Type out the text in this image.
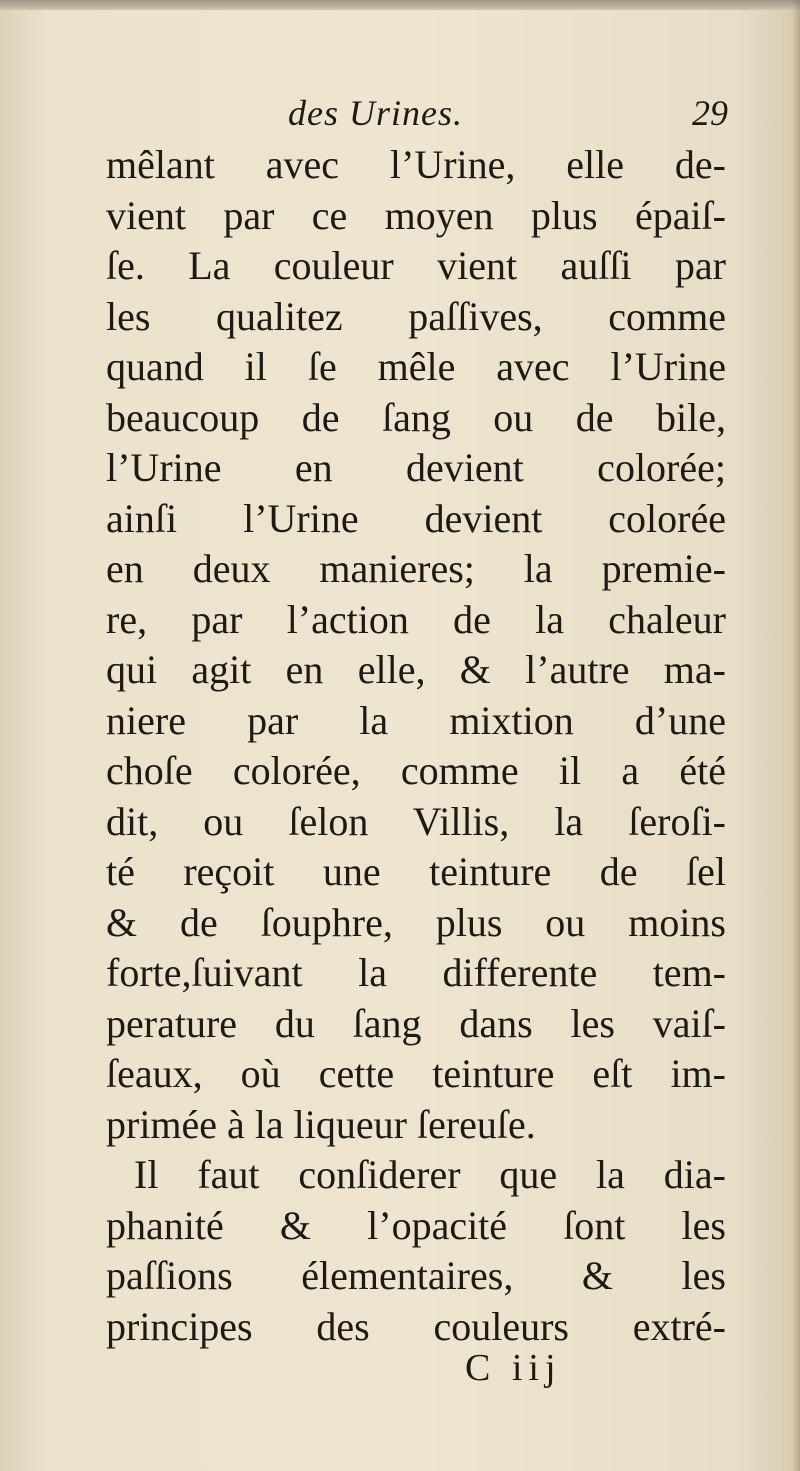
des Urines.	29
mêlant avec l’Urine, elle de-
vient par ce moyen plus épaiſ-
ſe. La couleur vient auſſi par
les qualitez paſſives, comme
quand il ſe mêle avec l’Urine
beaucoup de ſang ou de bile,
l’Urine en devient colorée;
ainſi l’Urine devient colorée
en deux manieres; la premie-
re, par l’action de la chaleur
qui agit en elle, & l’autre ma-
niere par la mixtion d’une
choſe colorée, comme il a été
dit, ou ſelon Villis, la ſeroſi-
té reçoit une teinture de ſel
& de ſouphre, plus ou moins
forte,ſuivant la differente tem-
perature du ſang dans les vaiſ-
ſeaux, où cette teinture eſt im-
primée à la liqueur ſereuſe.
Il faut conſiderer que la dia-
phanité & l’opacité ſont les
paſſions élementaires, & les
principes des couleurs extré-
C iij
